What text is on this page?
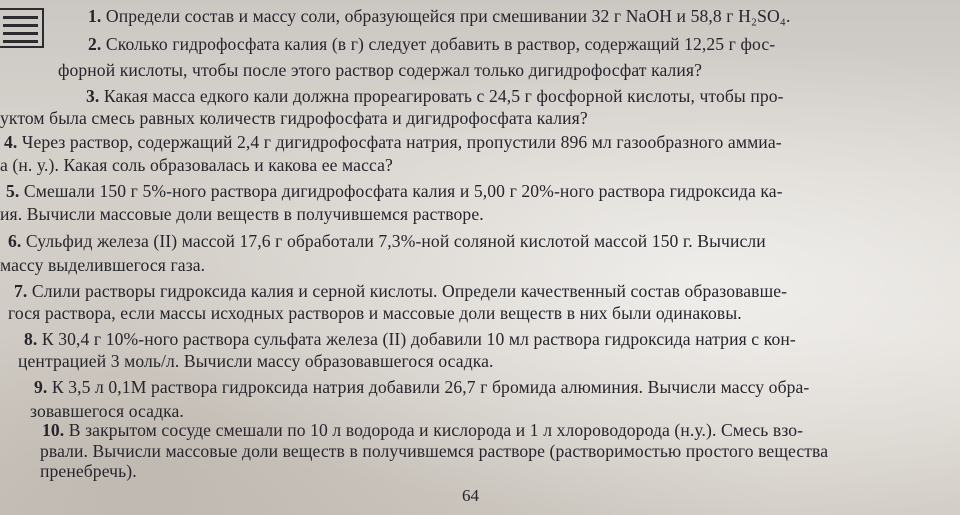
1. Определи состав и массу соли, образующейся при смешивании 32 г NaOH и 58,8 г H₂SO₄.
2. Сколько гидрофосфата калия (в г) следует добавить в раствор, содержащий 12,25 г фос-
форной кислоты, чтобы после этого раствор содержал только дигидрофосфат калия?
3. Какая масса едкого кали должна прореагировать с 24,5 г фосфорной кислоты, чтобы про-
уктом была смесь равных количеств гидрофосфата и дигидрофосфата калия?
4. Через раствор, содержащий 2,4 г дигидрофосфата натрия, пропустили 896 мл газообразного аммиа-
а (н. у.). Какая соль образовалась и какова ее масса?
5. Смешали 150 г 5%-ного раствора дигидрофосфата калия и 5,00 г 20%-ного раствора гидроксида ка-
ия. Вычисли массовые доли веществ в получившемся растворе.
6. Сульфид железа (II) массой 17,6 г обработали 7,3%-ной соляной кислотой массой 150 г. Вычисли
массу выделившегося газа.
7. Слили растворы гидроксида калия и серной кислоты. Определи качественный состав образовавше-
гося раствора, если массы исходных растворов и массовые доли веществ в них были одинаковы.
8. К 30,4 г 10%-ного раствора сульфата железа (II) добавили 10 мл раствора гидроксида натрия с кон-
центрацией 3 моль/л. Вычисли массу образовавшегося осадка.
9. К 3,5 л 0,1М раствора гидроксида натрия добавили 26,7 г бромида алюминия. Вычисли массу обра-
зовавшегося осадка.
10. В закрытом сосуде смешали по 10 л водорода и кислорода и 1 л хлороводорода (н.у.). Смесь взо-
рвали. Вычисли массовые доли веществ в получившемся растворе (растворимостью простого вещества
пренебречь).
64
